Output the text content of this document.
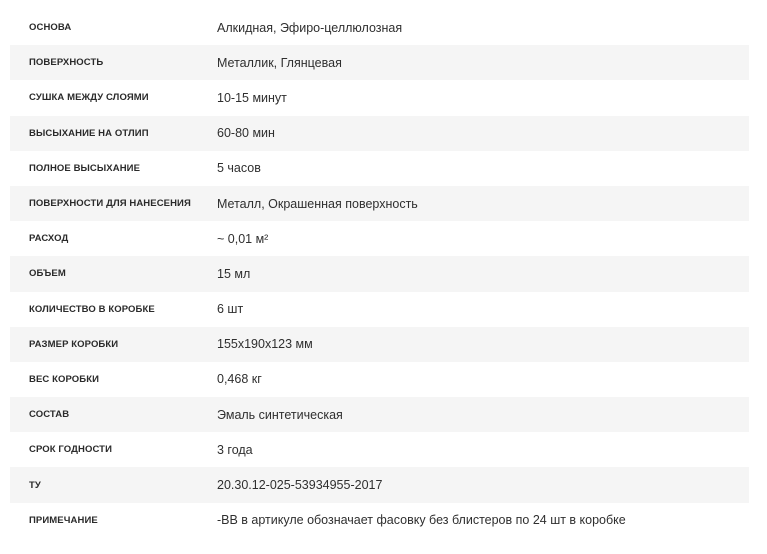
ОСНОВА	Алкидная, Эфиро-целлюлозная
ПОВЕРХНОСТЬ	Металлик, Глянцевая
СУШКА МЕЖДУ СЛОЯМИ	10-15 минут
ВЫСЫХАНИЕ НА ОТЛИП	60-80 мин
ПОЛНОЕ ВЫСЫХАНИЕ	5 часов
ПОВЕРХНОСТИ ДЛЯ НАНЕСЕНИЯ	Металл, Окрашенная поверхность
РАСХОД	~ 0,01 м²
ОБЪЕМ	15 мл
КОЛИЧЕСТВО В КОРОБКЕ	6 шт
РАЗМЕР КОРОБКИ	155x190x123 мм
ВЕС КОРОБКИ	0,468 кг
СОСТАВ	Эмаль синтетическая
СРОК ГОДНОСТИ	3 года
ТУ	20.30.12-025-53934955-2017
ПРИМЕЧАНИЕ	-BB в артикуле обозначает фасовку без блистеров по 24 шт в коробке
